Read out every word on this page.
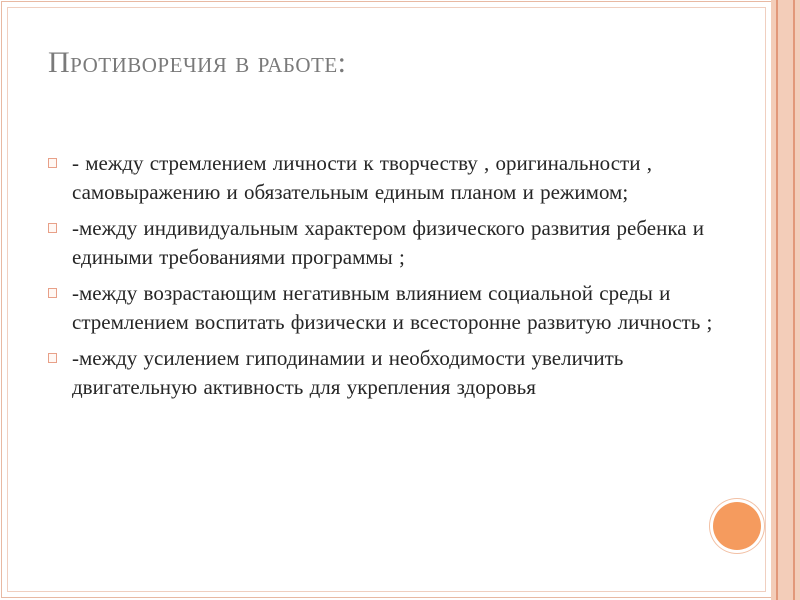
Противоречия в работе:
- между стремлением личности к творчеству , оригинальности , самовыражению и обязательным единым планом и режимом;
-между индивидуальным характером физического развития ребенка и едиными требованиями программы ;
-между возрастающим негативным влиянием социальной среды и стремлением воспитать физически и всесторонне развитую личность ;
-между усилением гиподинамии и необходимости увеличить двигательную активность для укрепления здоровья
